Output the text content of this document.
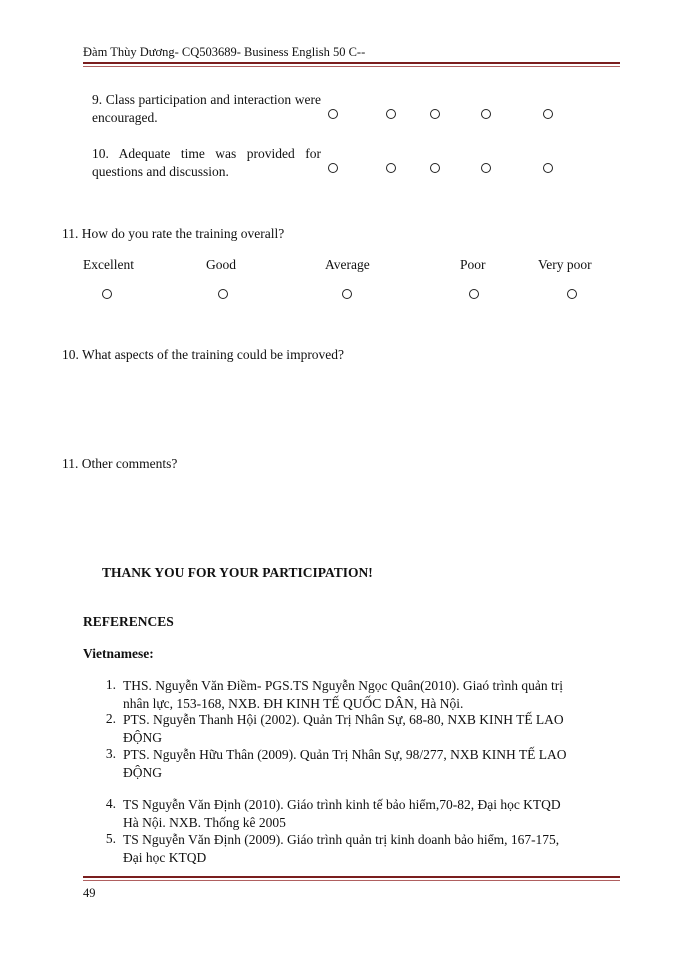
Đàm Thùy Dương- CQ503689- Business English 50 C--
9. Class participation and interaction were encouraged.
10. Adequate time was provided for questions and discussion.
11. How do you rate the training overall?
Excellent	Good	Average	Poor	Very poor
10. What aspects of the training could be improved?
11. Other comments?
THANK YOU FOR YOUR PARTICIPATION!
REFERENCES
Vietnamese:
1. THS. Nguyễn Văn Điềm- PGS.TS Nguyễn Ngọc Quân(2010). Giaó trình quản trị
nhân lực, 153-168, NXB. ĐH KINH TẾ QUỐC DÂN, Hà Nội.
2. PTS. Nguyễn Thanh Hội (2002). Quản Trị Nhân Sự, 68-80, NXB KINH TẾ LAO
ĐỘNG
3. PTS. Nguyễn Hữu Thân (2009). Quản Trị Nhân Sự, 98/277, NXB KINH TẾ LAO
ĐỘNG
4. TS Nguyễn Văn Định (2010). Giáo trình kinh tế bảo hiểm,70-82, Đại học KTQD
Hà Nội. NXB. Thống kê 2005
5. TS Nguyễn Văn Định (2009). Giáo trình quản trị kinh doanh bảo hiểm, 167-175,
Đại học KTQD
49
